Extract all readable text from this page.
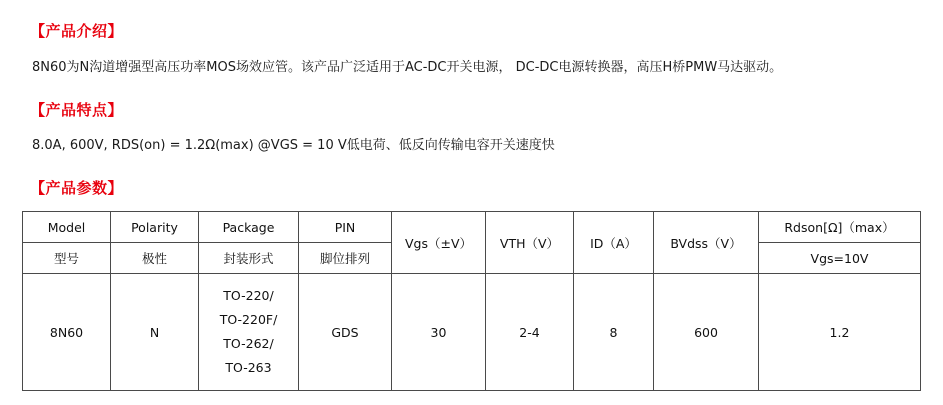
【产品介绍】
8N60为N沟道增强型高压功率MOS场效应管。该产品广泛适用于AC-DC开关电源， DC-DC电源转换器，高压H桥PMW马达驱动。
【产品特点】
8.0A, 600V, RDS(on) = 1.2Ω(max) @VGS = 10 V低电荷、低反向传输电容开关速度快
【产品参数】
Model	Polarity	Package	PIN	Vgs（±V）	VTH（V）	ID（A）	BVdss（V）	Rdson[Ω]（max）
型号	极性	封装形式	脚位排列					Vgs=10V
8N60	N	TO-220/
TO-220F/
TO-262/
TO-263	GDS	30	2-4	8	600	1.2
